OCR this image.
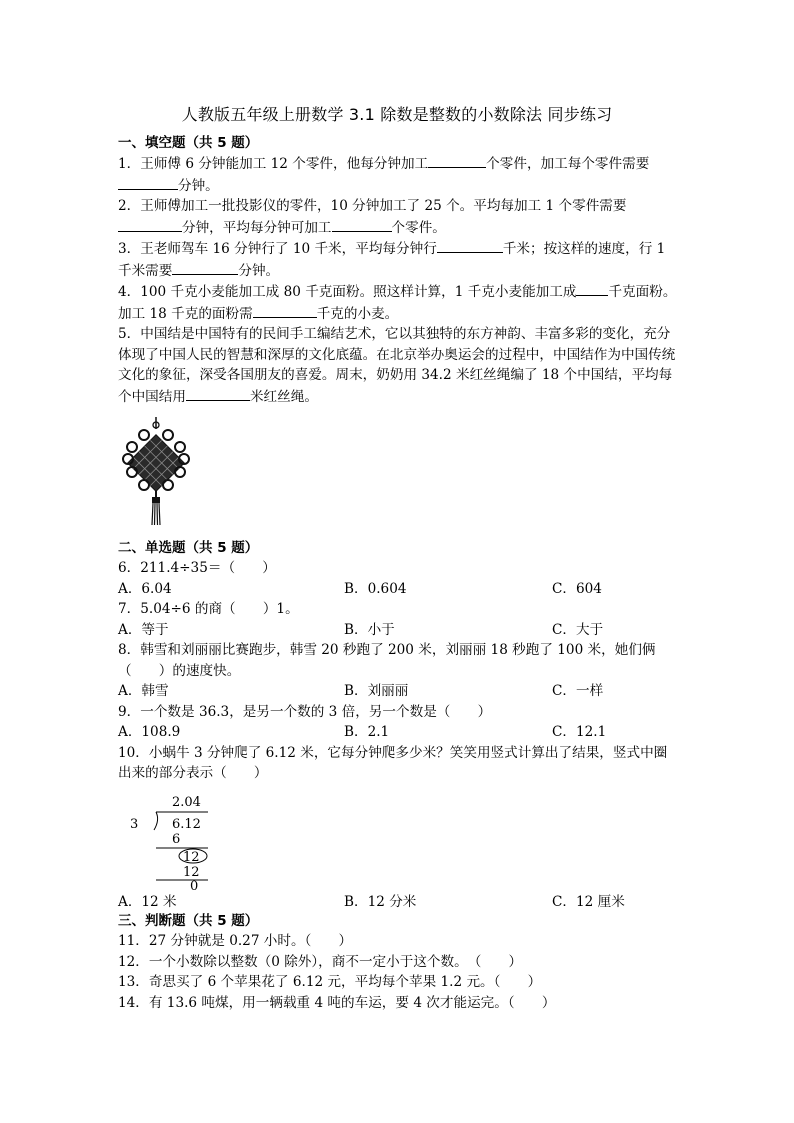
人教版五年级上册数学 3.1 除数是整数的小数除法 同步练习

一、填空题（共 5 题）

1．王师傅 6 分钟能加工 12 个零件，他每分钟加工	个零件，加工每个零件需要分钟。

2．王师傅加工一批投影仪的零件，10 分钟加工了 25 个。平均每加工 1 个零件需要分钟，平均每分钟可加工	个零件。

3．王老师驾车 16 分钟行了 10 千米，平均每分钟行	千米；按这样的速度，行 1 千米需要	分钟。

4．100 千克小麦能加工成 80 千克面粉。照这样计算，1 千克小麦能加工成 千克面粉。加工 18 千克的面粉需	千克的小麦。

5．中国结是中国特有的民间手工编结艺术，它以其独特的东方神韵、丰富多彩的变化，充分体现了中国人民的智慧和深厚的文化底蕴。在北京举办奥运会的过程中，中国结作为中国传统文化的象征，深受各国朋友的喜爱。周末，奶奶用 34.2 米红丝绳编了 18 个中国结，平均每个中国结用	米红丝绳。

二、单选题（共 5 题）

6．211.4÷35＝（　　）

A．6.04	B．0.604	C．604

7．5.04÷6 的商（　　）1。

A．等于	B．小于	C．大于

8．韩雪和刘丽丽比赛跑步，韩雪 20 秒跑了 200 米，刘丽丽 18 秒跑了 100 米，她们俩（　　）的速度快。

A．韩雪	B．刘丽丽	C．一样

9．一个数是 36.3，是另一个数的 3 倍，另一个数是（　　）

A．108.9	B．2.1	C．12.1

10．小蜗牛 3 分钟爬了 6.12 米，它每分钟爬多少米？笑笑用竖式计算出了结果，竖式中圈出来的部分表示（　　）

2.04
3	6.12
6
12
12
0
A．12 米	B．12 分米	C．12 厘米

三、判断题（共 5 题）

11．27 分钟就是 0.27 小时。（　　）

12．一个小数除以整数（0 除外），商不一定小于这个数。　（　　）

13．奇思买了 6 个苹果花了 6.12 元，平均每个苹果 1.2 元。（　　）

14．有 13.6 吨煤，用一辆载重 4 吨的车运，要 4 次才能运完。（　　）
